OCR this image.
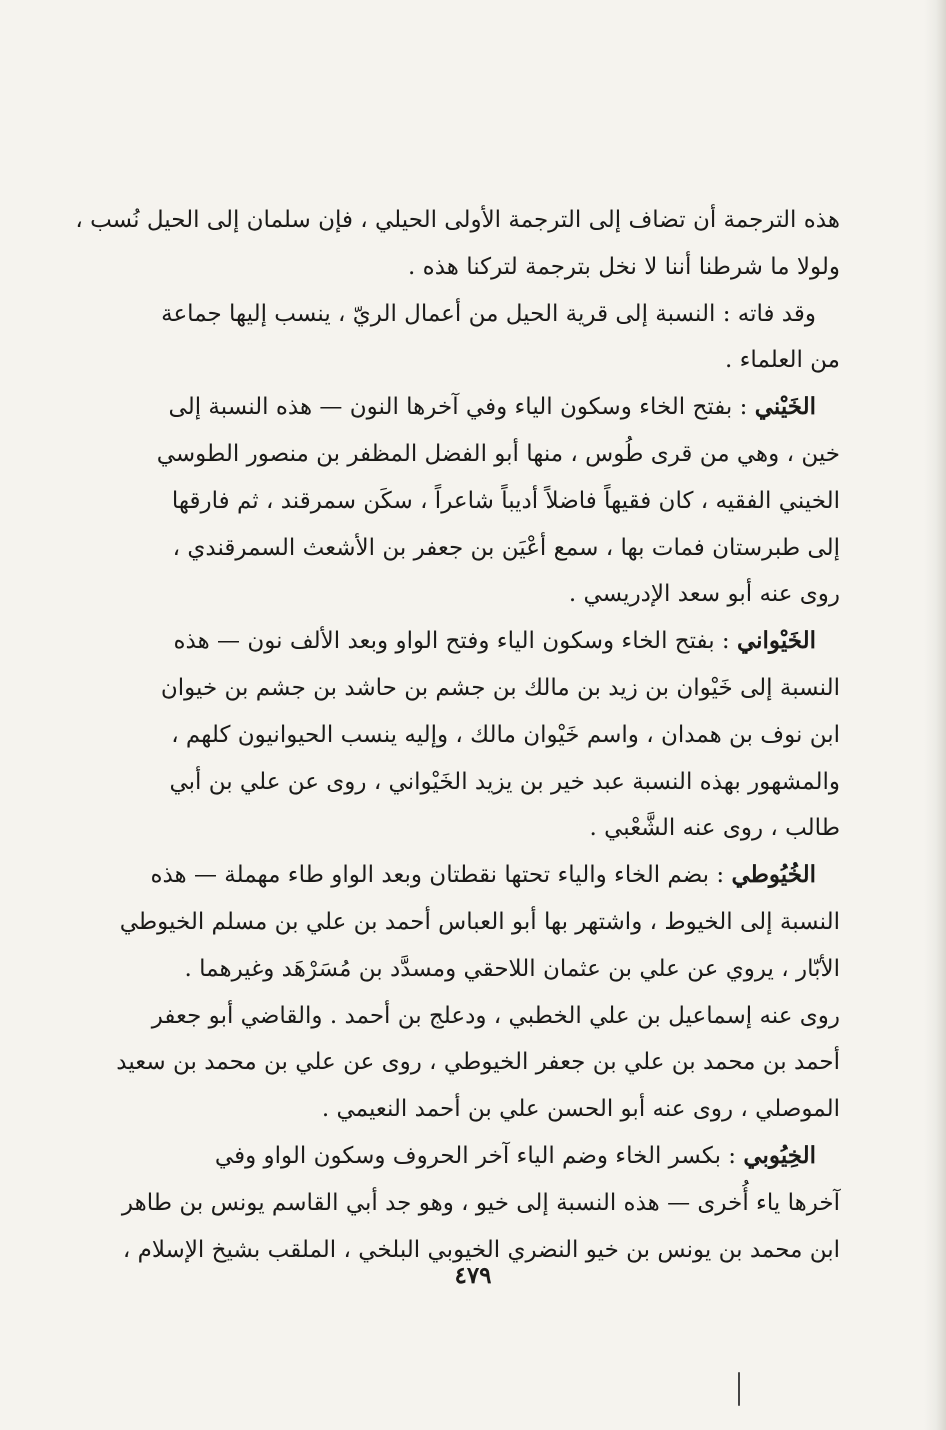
هذه الترجمة أن تضاف إلى الترجمة الأولى الحيلي ، فإن سلمان إلى الحيل نُسب ،
ولولا ما شرطنا أننا لا نخل بترجمة لتركنا هذه .
وقد فاته : النسبة إلى قرية الحيل من أعمال الريّ ، ينسب إليها جماعة
من العلماء .
الخَيْني : بفتح الخاء وسكون الياء وفي آخرها النون — هذه النسبة إلى
خين ، وهي من قرى طُوس ، منها أبو الفضل المظفر بن منصور الطوسي
الخيني الفقيه ، كان فقيهاً فاضلاً أديباً شاعراً ، سكَن سمرقند ، ثم فارقها
إلى طبرستان فمات بها ، سمع أعْيَن بن جعفر بن الأشعث السمرقندي ،
روى عنه أبو سعد الإدريسي .
الخَيْواني : بفتح الخاء وسكون الياء وفتح الواو وبعد الألف نون — هذه
النسبة إلى خَيْوان بن زيد بن مالك بن جشم بن حاشد بن جشم بن خيوان
ابن نوف بن همدان ، واسم خَيْوان مالك ، وإليه ينسب الحيوانيون كلهم ،
والمشهور بهذه النسبة عبد خير بن يزيد الخَيْواني ، روى عن علي بن أبي
طالب ، روى عنه الشَّعْبي .
الخُيُوطي : بضم الخاء والياء تحتها نقطتان وبعد الواو طاء مهملة — هذه
النسبة إلى الخيوط ، واشتهر بها أبو العباس أحمد بن علي بن مسلم الخيوطي
الأبّار ، يروي عن علي بن عثمان اللاحقي ومسدَّد بن مُسَرْهَد وغيرهما .
روى عنه إسماعيل بن علي الخطبي ، ودعلج بن أحمد . والقاضي أبو جعفر
أحمد بن محمد بن علي بن جعفر الخيوطي ، روى عن علي بن محمد بن سعيد
الموصلي ، روى عنه أبو الحسن علي بن أحمد النعيمي .
الخِيُوبي : بكسر الخاء وضم الياء آخر الحروف وسكون الواو وفي
آخرها ياء أُخرى — هذه النسبة إلى خيو ، وهو جد أبي القاسم يونس بن طاهر
ابن محمد بن يونس بن خيو النضري الخيوبي البلخي ، الملقب بشيخ الإسلام ،
٤٧٩
